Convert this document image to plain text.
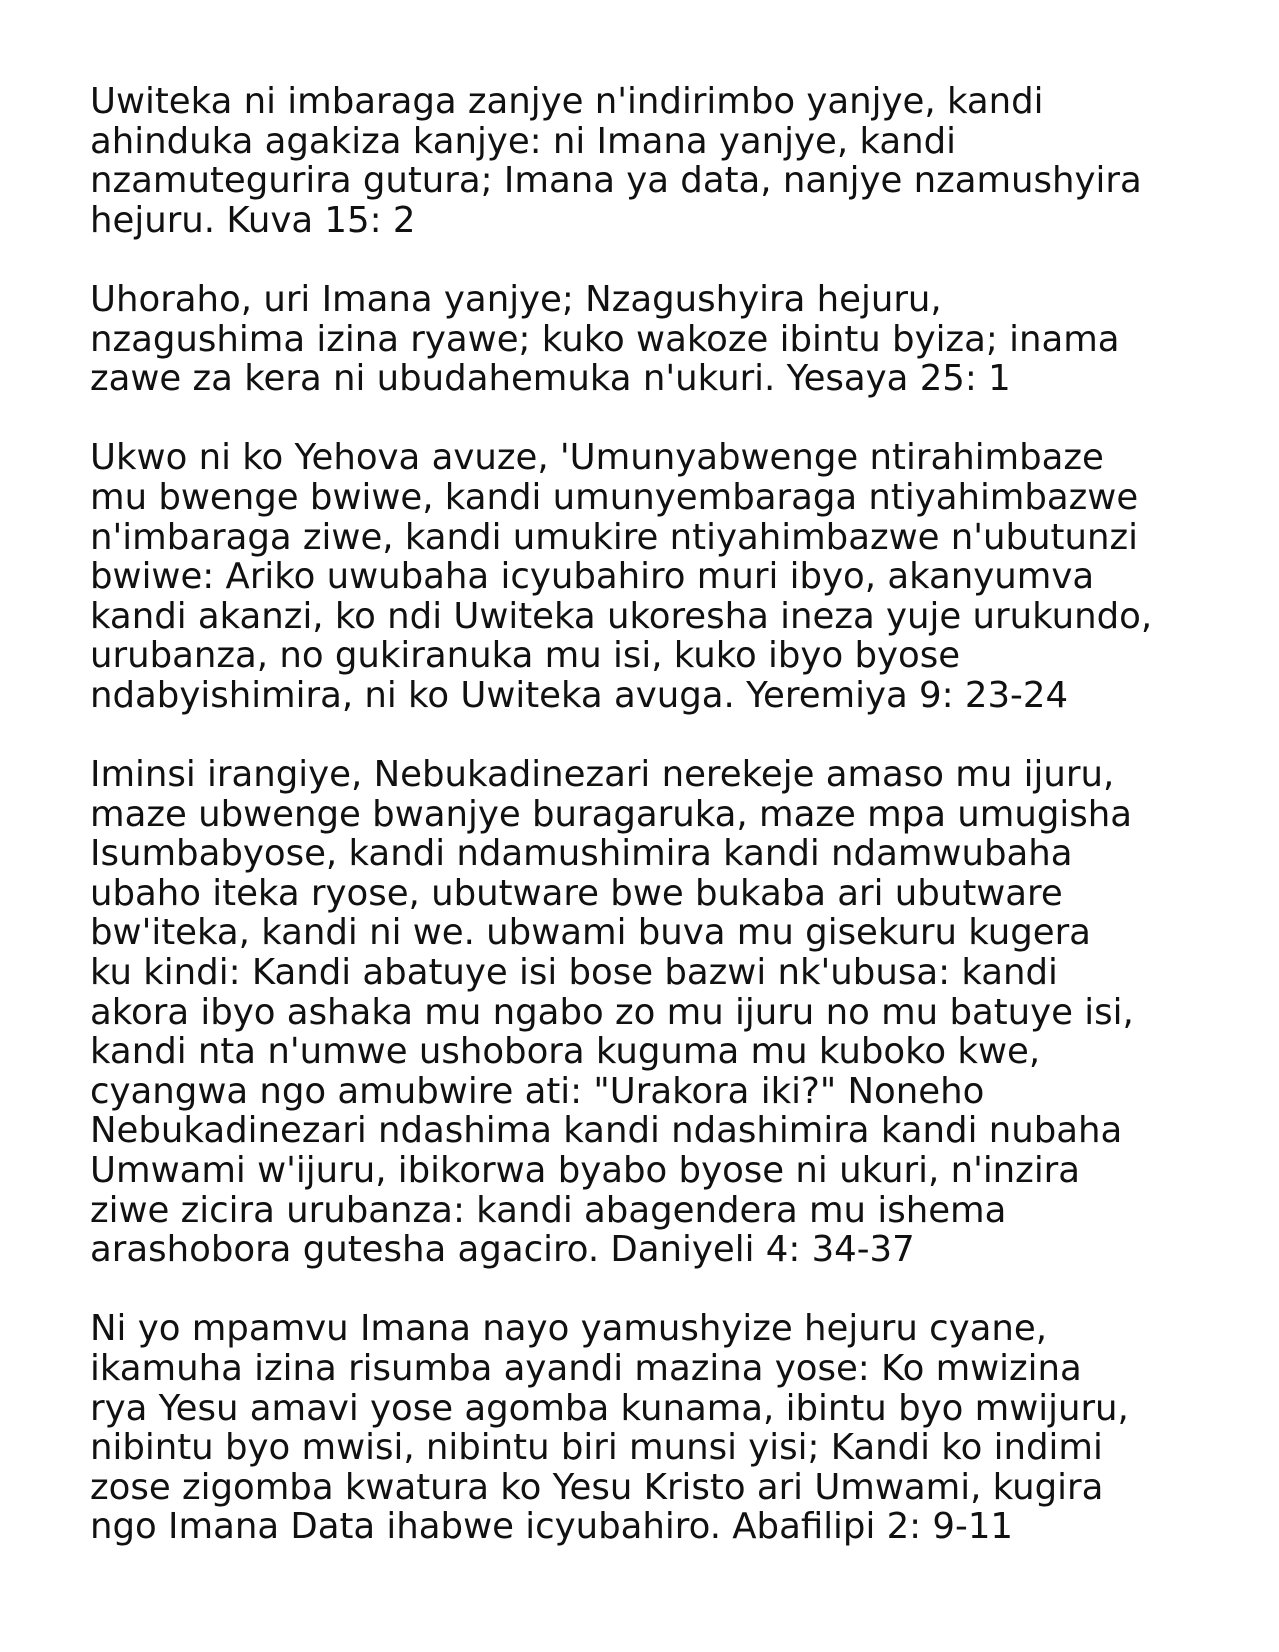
Uwiteka ni imbaraga zanjye n'indirimbo yanjye, kandi
ahinduka agakiza kanjye: ni Imana yanjye, kandi
nzamutegurira gutura; Imana ya data, nanjye nzamushyira
hejuru. Kuva 15: 2

Uhoraho, uri Imana yanjye; Nzagushyira hejuru,
nzagushima izina ryawe; kuko wakoze ibintu byiza; inama
zawe za kera ni ubudahemuka n'ukuri. Yesaya 25: 1

Ukwo ni ko Yehova avuze, 'Umunyabwenge ntirahimbaze
mu bwenge bwiwe, kandi umunyembaraga ntiyahimbazwe
n'imbaraga ziwe, kandi umukire ntiyahimbazwe n'ubutunzi
bwiwe: Ariko uwubaha icyubahiro muri ibyo, akanyumva
kandi akanzi, ko ndi Uwiteka ukoresha ineza yuje urukundo,
urubanza, no gukiranuka mu isi, kuko ibyo byose
ndabyishimira, ni ko Uwiteka avuga. Yeremiya 9: 23-24

Iminsi irangiye, Nebukadinezari nerekeje amaso mu ijuru,
maze ubwenge bwanjye buragaruka, maze mpa umugisha
Isumbabyose, kandi ndamushimira kandi ndamwubaha
ubaho iteka ryose, ubutware bwe bukaba ari ubutware
bw'iteka, kandi ni we. ubwami buva mu gisekuru kugera
ku kindi: Kandi abatuye isi bose bazwi nk'ubusa: kandi
akora ibyo ashaka mu ngabo zo mu ijuru no mu batuye isi,
kandi nta n'umwe ushobora kuguma mu kuboko kwe,
cyangwa ngo amubwire ati: "Urakora iki?" Noneho
Nebukadinezari ndashima kandi ndashimira kandi nubaha
Umwami w'ijuru, ibikorwa byabo byose ni ukuri, n'inzira
ziwe zicira urubanza: kandi abagendera mu ishema
arashobora gutesha agaciro. Daniyeli 4: 34-37

Ni yo mpamvu Imana nayo yamushyize hejuru cyane,
ikamuha izina risumba ayandi mazina yose: Ko mwizina
rya Yesu amavi yose agomba kunama, ibintu byo mwijuru,
nibintu byo mwisi, nibintu biri munsi yisi; Kandi ko indimi
zose zigomba kwatura ko Yesu Kristo ari Umwami, kugira
ngo Imana Data ihabwe icyubahiro. Abafilipi 2: 9-11
